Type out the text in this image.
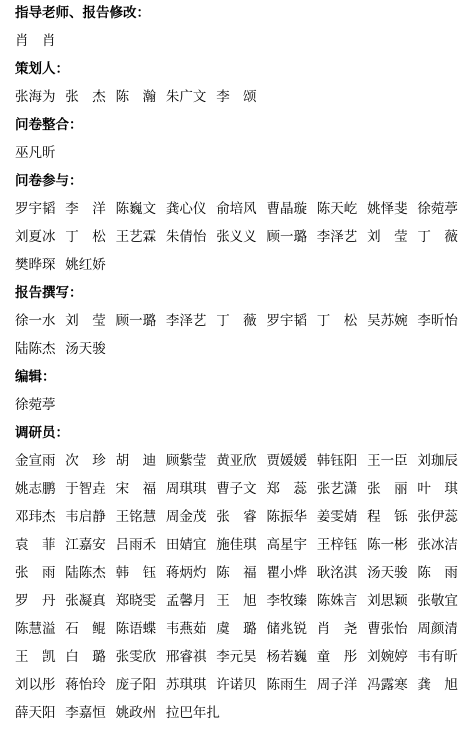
指导老师、报告修改：
肖　肖
策划人：
张海为 张　杰 陈　瀚 朱广文 李　颂
问卷整合：
巫凡昕
问卷参与：
罗宇韬 李　洋 陈巍文 龚心仪 俞培风 曹晶璇 陈天屹 姚怿斐 徐菀葶
刘夏冰 丁　松 王艺霖 朱倩怡 张义义 顾一璐 李泽艺 刘　莹 丁　薇
樊晔琛 姚红娇
报告撰写：
徐一水 刘　莹 顾一璐 李泽艺 丁　薇 罗宇韬 丁　松 吴苏婉 李昕怡
陆陈杰 汤天骏
编辑：
徐菀葶
调研员：
金宣雨 次　珍 胡　迪 顾紫莹 黄亚欣 贾媛媛 韩钰阳 王一臣 刘珈辰
姚志鹏 于智垚 宋　福 周琪琪 曹子文 郑　蕊 张艺潇 张　丽 叶　琪
邓玮杰 韦启静 王铭慧 周金茂 张　睿 陈振华 姜雯婧 程　铄 张伊蕊
袁　菲 江嘉安 吕雨禾 田婧宜 施佳琪 高星宇 王梓钰 陈一彬 张冰洁
张　雨 陆陈杰 韩　钰 蒋炳灼 陈　福 瞿小烨 耿洺淇 汤天骏 陈　雨
罗　丹 张凝真 郑晓雯 孟馨月 王　旭 李牧臻 陈姝言 刘思颖 张敬宜
陈慧溢 石　鲲 陈语蝶 韦燕茹 虞　璐 储兆锐 肖　尧 曹张怡 周颜清
王　凯 白　璐 张雯欣 邢睿祺 李元昊 杨若巍 童　彤 刘婉婷 韦有昕
刘以彤 蒋怡玲 庞子阳 苏琪琪 许诺贝 陈雨生 周子洋 冯露寒 龚　旭
薛天阳 李嘉恒 姚政州 拉巴年扎
